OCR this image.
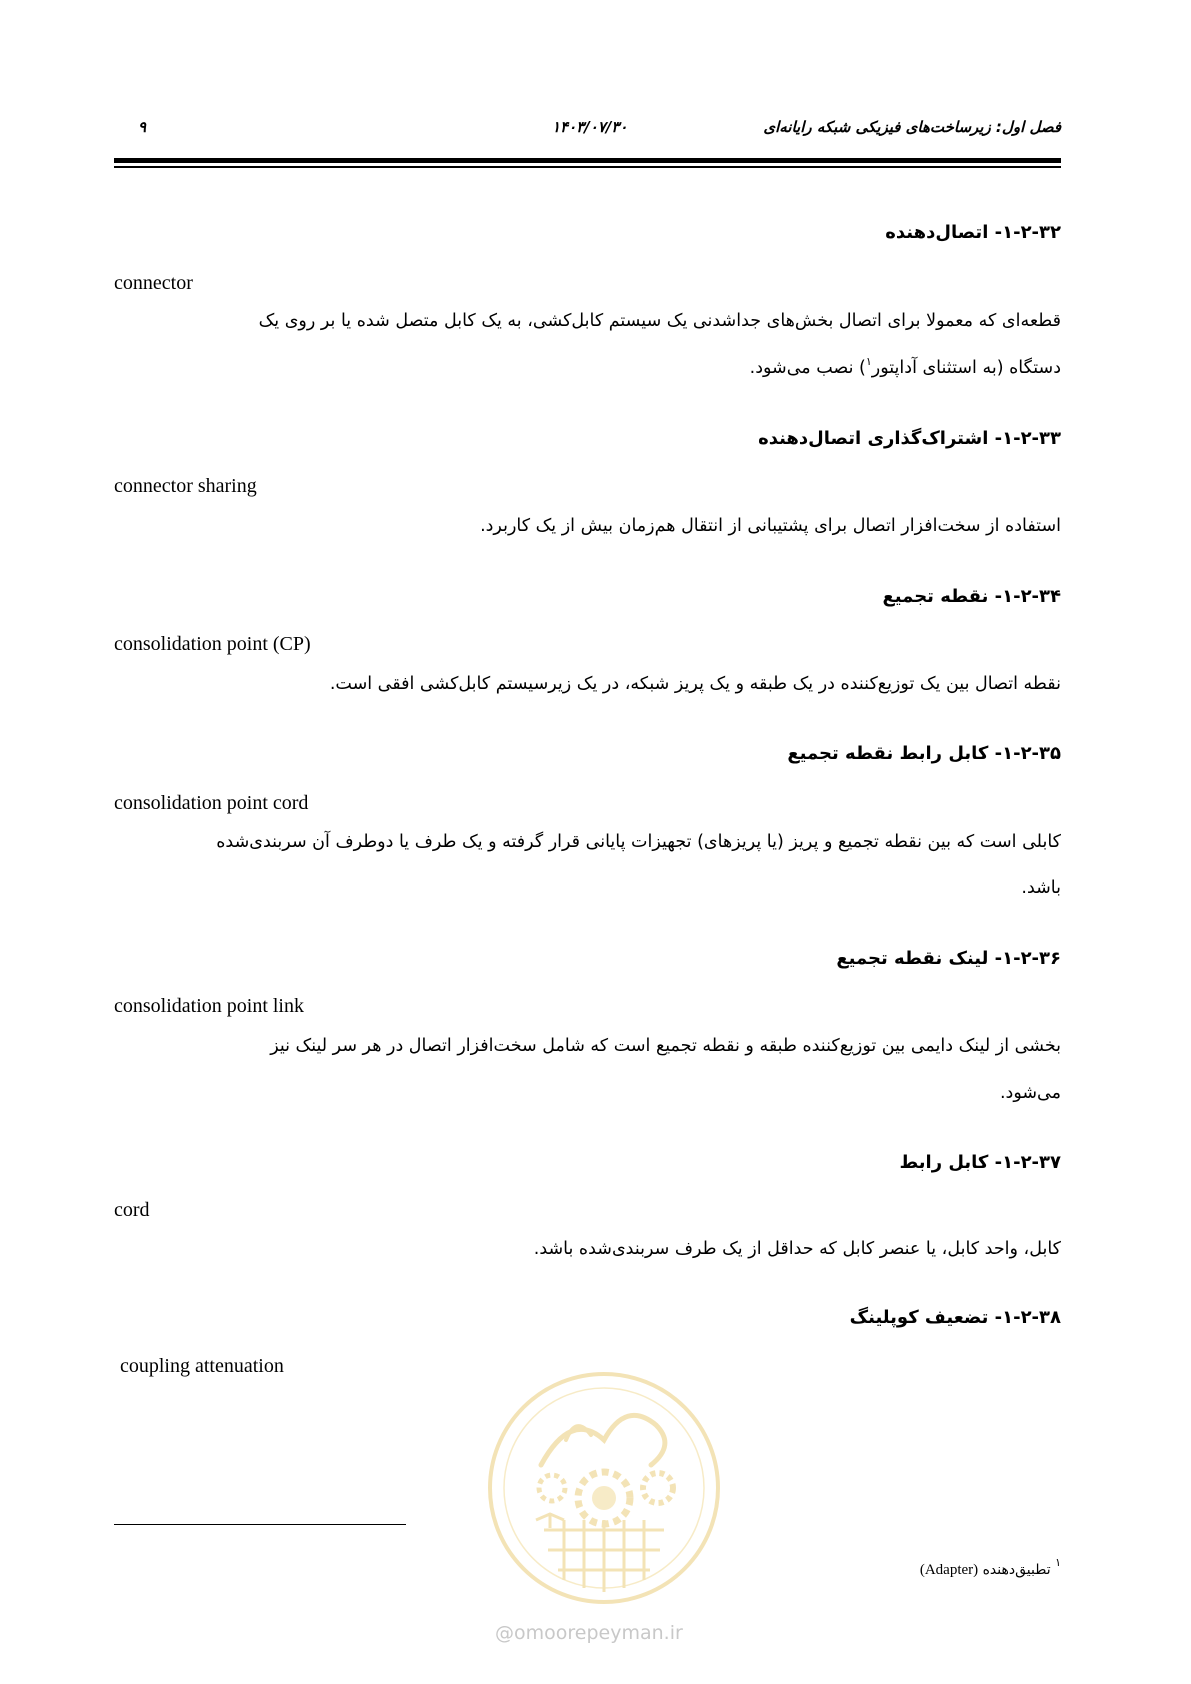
فصل اول: زیرساخت‌های فیزیکی شبکه رایانه‌ای
۱۴۰۳/۰۷/۳۰
۹
۱-۲-۳۲- اتصال‌دهنده
connector
قطعه‌ای که معمولا برای اتصال بخش‌های جداشدنی یک سیستم کابل‌کشی، به یک کابل متصل شده یا بر روی یک
دستگاه (به استثنای آداپتور$^۱$) نصب می‌شود.
۱-۲-۳۳- اشتراک‌گذاری اتصال‌دهنده
connector sharing
استفاده از سخت‌افزار اتصال برای پشتیبانی از انتقال هم‌زمان بیش از یک کاربرد.
۱-۲-۳۴- نقطه تجمیع
consolidation point (CP)
نقطه اتصال بین یک توزیع‌کننده در یک طبقه و یک پریز شبکه، در یک زیرسیستم کابل‌کشی افقی است.
۱-۲-۳۵- کابل رابط نقطه تجمیع
consolidation point cord
کابلی است که بین نقطه تجمیع و پریز (یا پریزهای) تجهیزات پایانی قرار گرفته و یک طرف یا دوطرف آن سربندی‌شده
باشد.
۱-۲-۳۶- لینک نقطه تجمیع
consolidation point link
بخشی از لینک دایمی بین توزیع‌کننده طبقه و نقطه تجمیع است که شامل سخت‌افزار اتصال در هر سر لینک نیز
می‌شود.
۱-۲-۳۷- کابل رابط
cord
کابل، واحد کابل، یا عنصر کابل که حداقل از یک طرف سربندی‌شده باشد.
۱-۲-۳۸- تضعیف کوپلینگ
coupling attenuation
@omoorepeyman.ir
$^۱$ تطبیق‌دهنده (Adapter)
